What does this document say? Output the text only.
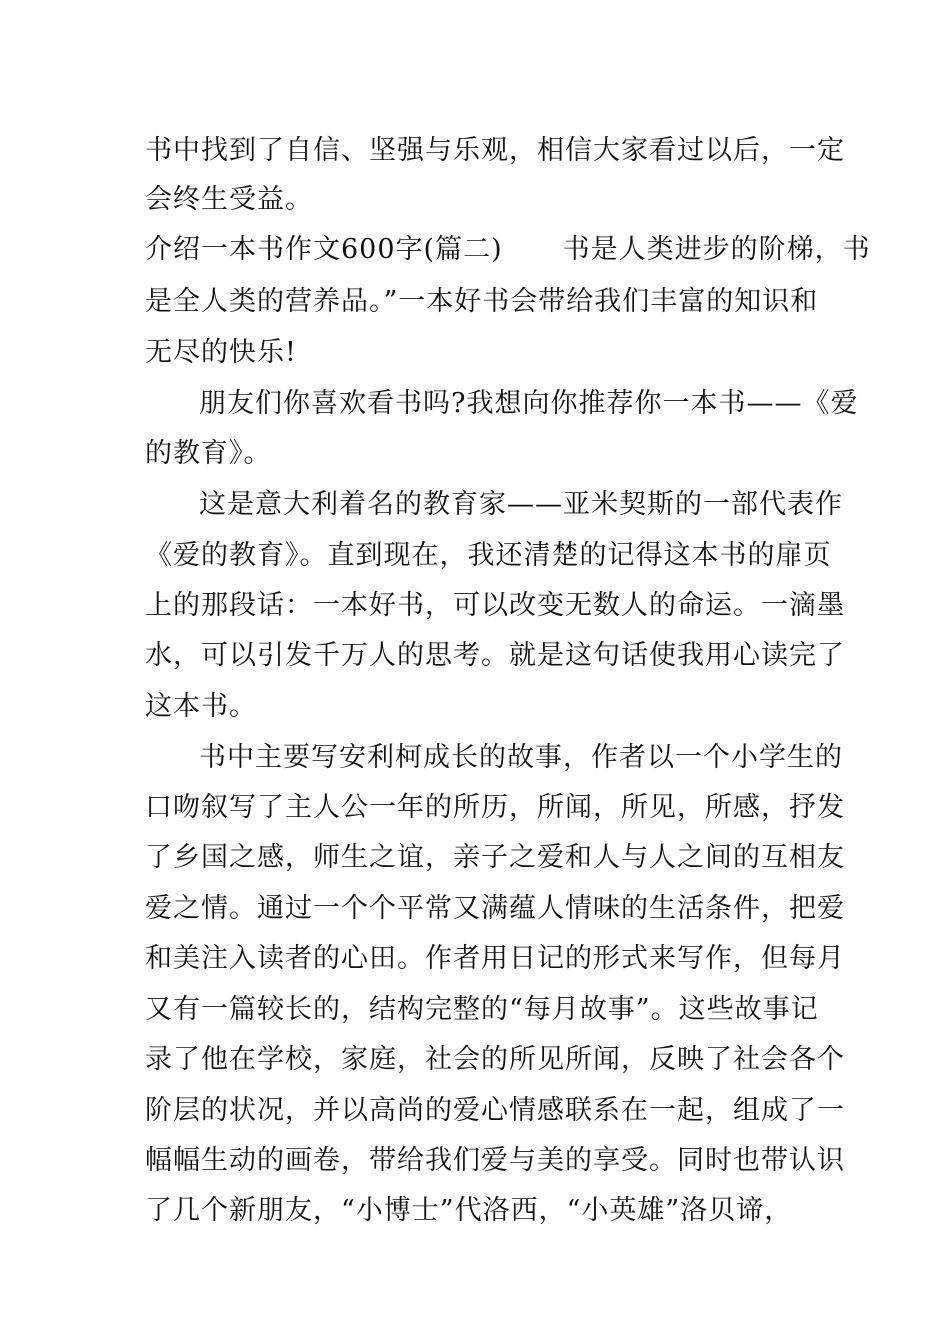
书中找到了自信、坚强与乐观，相信大家看过以后，一定
会终生受益。
介绍一本书作文600字(篇二) 书是人类进步的阶梯，书
是全人类的营养品。”一本好书会带给我们丰富的知识和
无尽的快乐!
朋友们你喜欢看书吗?我想向你推荐你一本书——《爱
的教育》。
这是意大利着名的教育家——亚米契斯的一部代表作
《爱的教育》。直到现在，我还清楚的记得这本书的扉页
上的那段话：一本好书，可以改变无数人的命运。一滴墨
水，可以引发千万人的思考。就是这句话使我用心读完了
这本书。
书中主要写安利柯成长的故事，作者以一个小学生的
口吻叙写了主人公一年的所历，所闻，所见，所感，抒发
了乡国之感，师生之谊，亲子之爱和人与人之间的互相友
爱之情。通过一个个平常又满蕴人情味的生活条件，把爱
和美注入读者的心田。作者用日记的形式来写作，但每月
又有一篇较长的，结构完整的“每月故事”。这些故事记
录了他在学校，家庭，社会的所见所闻，反映了社会各个
阶层的状况，并以高尚的爱心情感联系在一起，组成了一
幅幅生动的画卷，带给我们爱与美的享受。同时也带认识
了几个新朋友，“小博士”代洛西，“小英雄”洛贝谛，
